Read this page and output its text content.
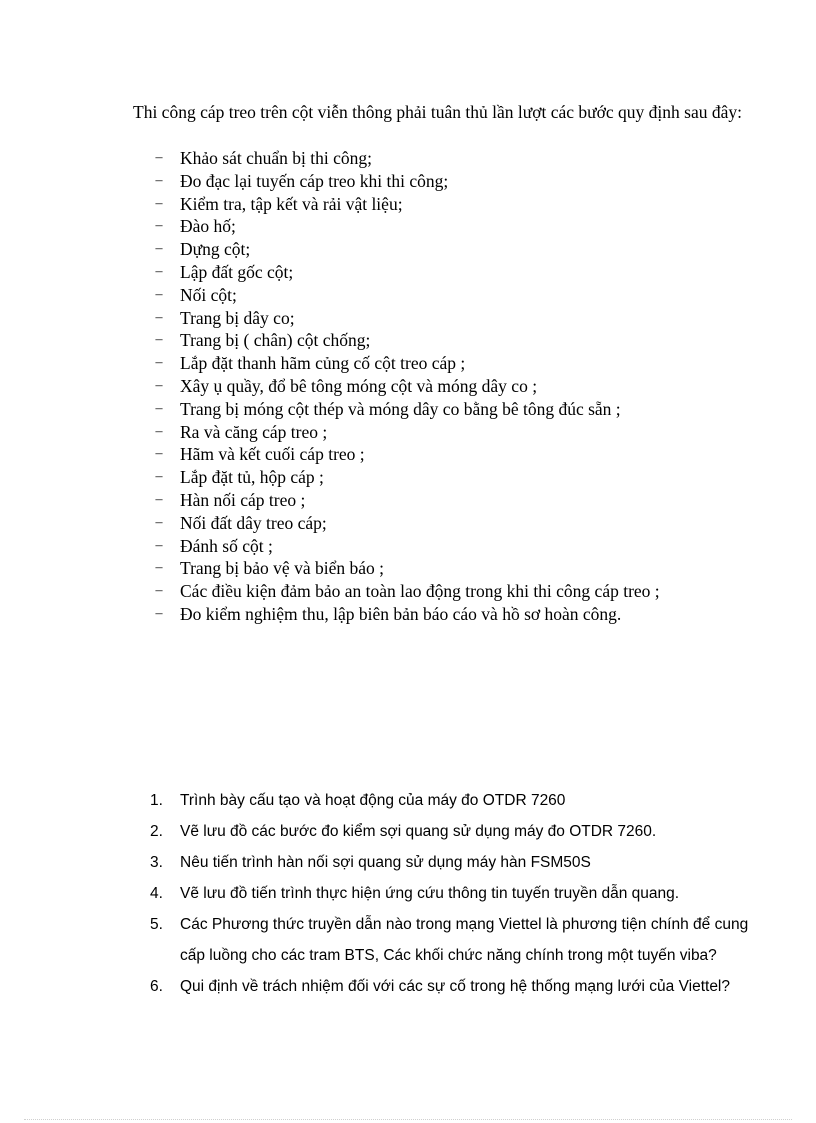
Thi công cáp treo trên cột viễn thông phải tuân thủ lần lượt các bước quy định sau đây:

‒ Khảo sát chuẩn bị thi công;
‒ Đo đạc lại tuyến cáp treo khi thi công;
‒ Kiểm tra, tập kết và rải vật liệu;
‒ Đào hố;
‒ Dựng cột;
‒ Lập đất gốc cột;
‒ Nối cột;
‒ Trang bị dây co;
‒ Trang bị ( chân) cột chống;
‒ Lắp đặt thanh hãm củng cố cột treo cáp ;
‒ Xây ụ quầy, đổ bê tông móng cột và móng dây co ;
‒ Trang bị móng cột thép và móng dây co bằng bê tông đúc sẵn ;
‒ Ra và căng cáp treo ;
‒ Hãm và kết cuối cáp treo ;
‒ Lắp đặt tủ, hộp cáp ;
‒ Hàn nối cáp treo ;
‒ Nối đất dây treo cáp;
‒ Đánh số cột ;
‒ Trang bị bảo vệ và biển báo ;
‒ Các điều kiện đảm bảo an toàn lao động trong khi thi công cáp treo ;
‒ Đo kiểm nghiệm thu, lập biên bản báo cáo và hồ sơ hoàn công.
1.	Trình bày cấu tạo và hoạt động của máy đo OTDR 7260
2.	Vẽ lưu đồ các bước đo kiểm sợi quang sử dụng máy đo OTDR 7260.
3.	Nêu tiến trình hàn nối sợi quang sử dụng máy hàn FSM50S
4.	Vẽ lưu đồ tiến trình thực hiện ứng cứu thông tin tuyến truyền dẫn quang.
5.	Các Phương thức truyền dẫn nào trong mạng Viettel là phương tiện chính để cung cấp luồng cho các tram BTS, Các khối chức năng chính trong một tuyến viba?
6.	Qui định về trách nhiệm đối với các sự cố trong hệ thống mạng lưới của Viettel?
